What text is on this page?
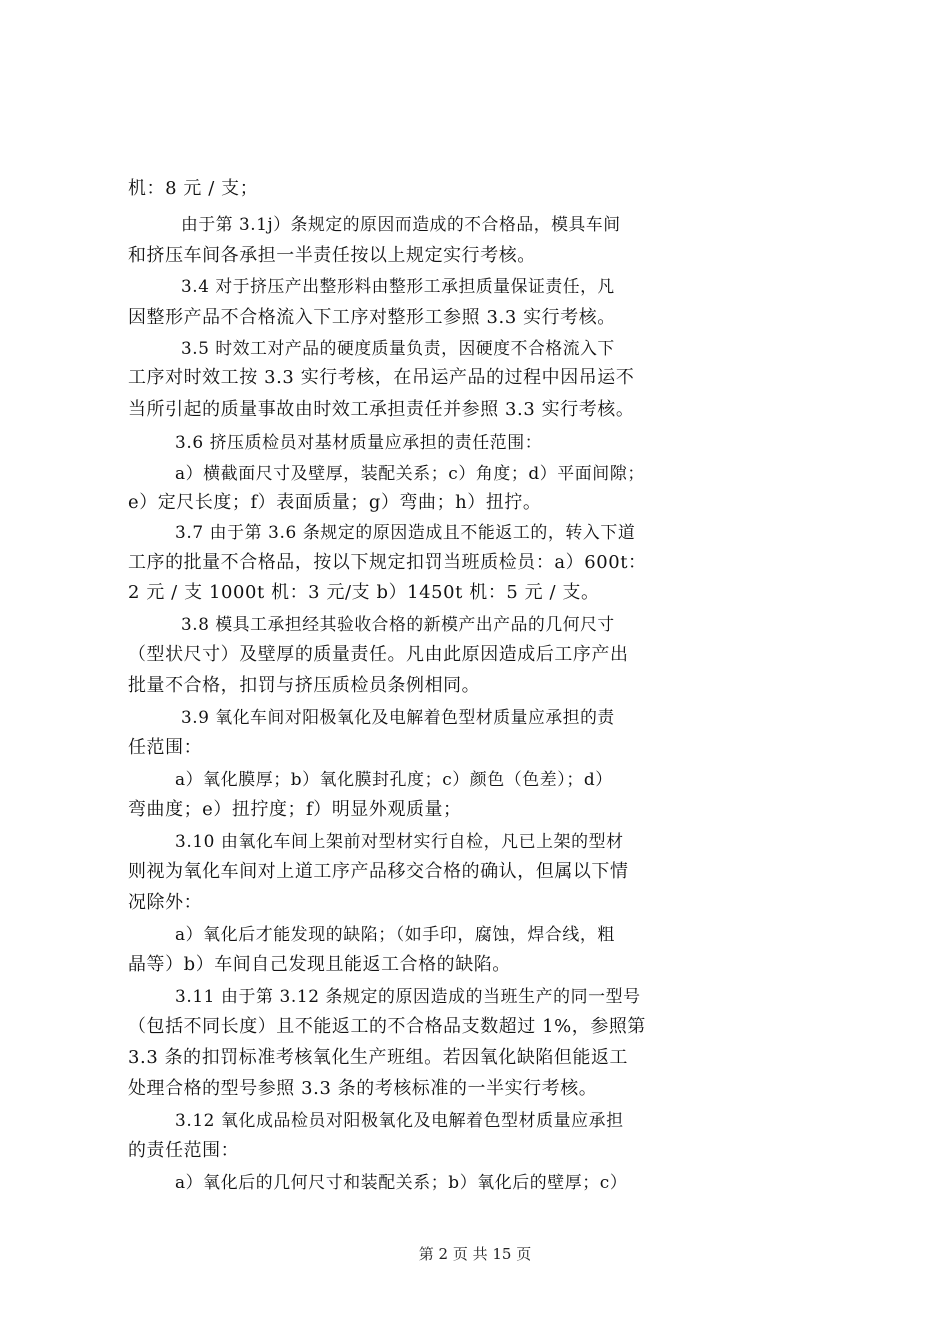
机：8 元 / 支；
由于第 3.1j）条规定的原因而造成的不合格品，模具车间
和挤压车间各承担一半责任按以上规定实行考核。
3.4 对于挤压产出整形料由整形工承担质量保证责任，凡
因整形产品不合格流入下工序对整形工参照 3.3 实行考核。
3.5 时效工对产品的硬度质量负责，因硬度不合格流入下
工序对时效工按 3.3 实行考核，在吊运产品的过程中因吊运不
当所引起的质量事故由时效工承担责任并参照 3.3 实行考核。
3.6 挤压质检员对基材质量应承担的责任范围：
a）横截面尺寸及壁厚，装配关系；c）角度；d）平面间隙；
e）定尺长度；f）表面质量；g）弯曲；h）扭拧。
3.7 由于第 3.6 条规定的原因造成且不能返工的，转入下道
工序的批量不合格品，按以下规定扣罚当班质检员：a）600t：
2 元 / 支 1000t 机：3 元/支 b）1450t 机：5 元 / 支。
3.8 模具工承担经其验收合格的新模产出产品的几何尺寸
（型状尺寸）及壁厚的质量责任。凡由此原因造成后工序产出
批量不合格，扣罚与挤压质检员条例相同。
3.9 氧化车间对阳极氧化及电解着色型材质量应承担的责
任范围：
a）氧化膜厚；b）氧化膜封孔度；c）颜色（色差）；d）
弯曲度；e）扭拧度；f）明显外观质量；
3.10 由氧化车间上架前对型材实行自检，凡已上架的型材
则视为氧化车间对上道工序产品移交合格的确认，但属以下情
况除外：
a）氧化后才能发现的缺陷；（如手印，腐蚀，焊合线，粗
晶等）b）车间自己发现且能返工合格的缺陷。
3.11 由于第 3.12 条规定的原因造成的当班生产的同一型号
（包括不同长度）且不能返工的不合格品支数超过 1%，参照第
3.3 条的扣罚标准考核氧化生产班组。若因氧化缺陷但能返工
处理合格的型号参照 3.3 条的考核标准的一半实行考核。
3.12 氧化成品检员对阳极氧化及电解着色型材质量应承担
的责任范围：
a）氧化后的几何尺寸和装配关系；b）氧化后的壁厚；c）
第 2 页 共 15 页
